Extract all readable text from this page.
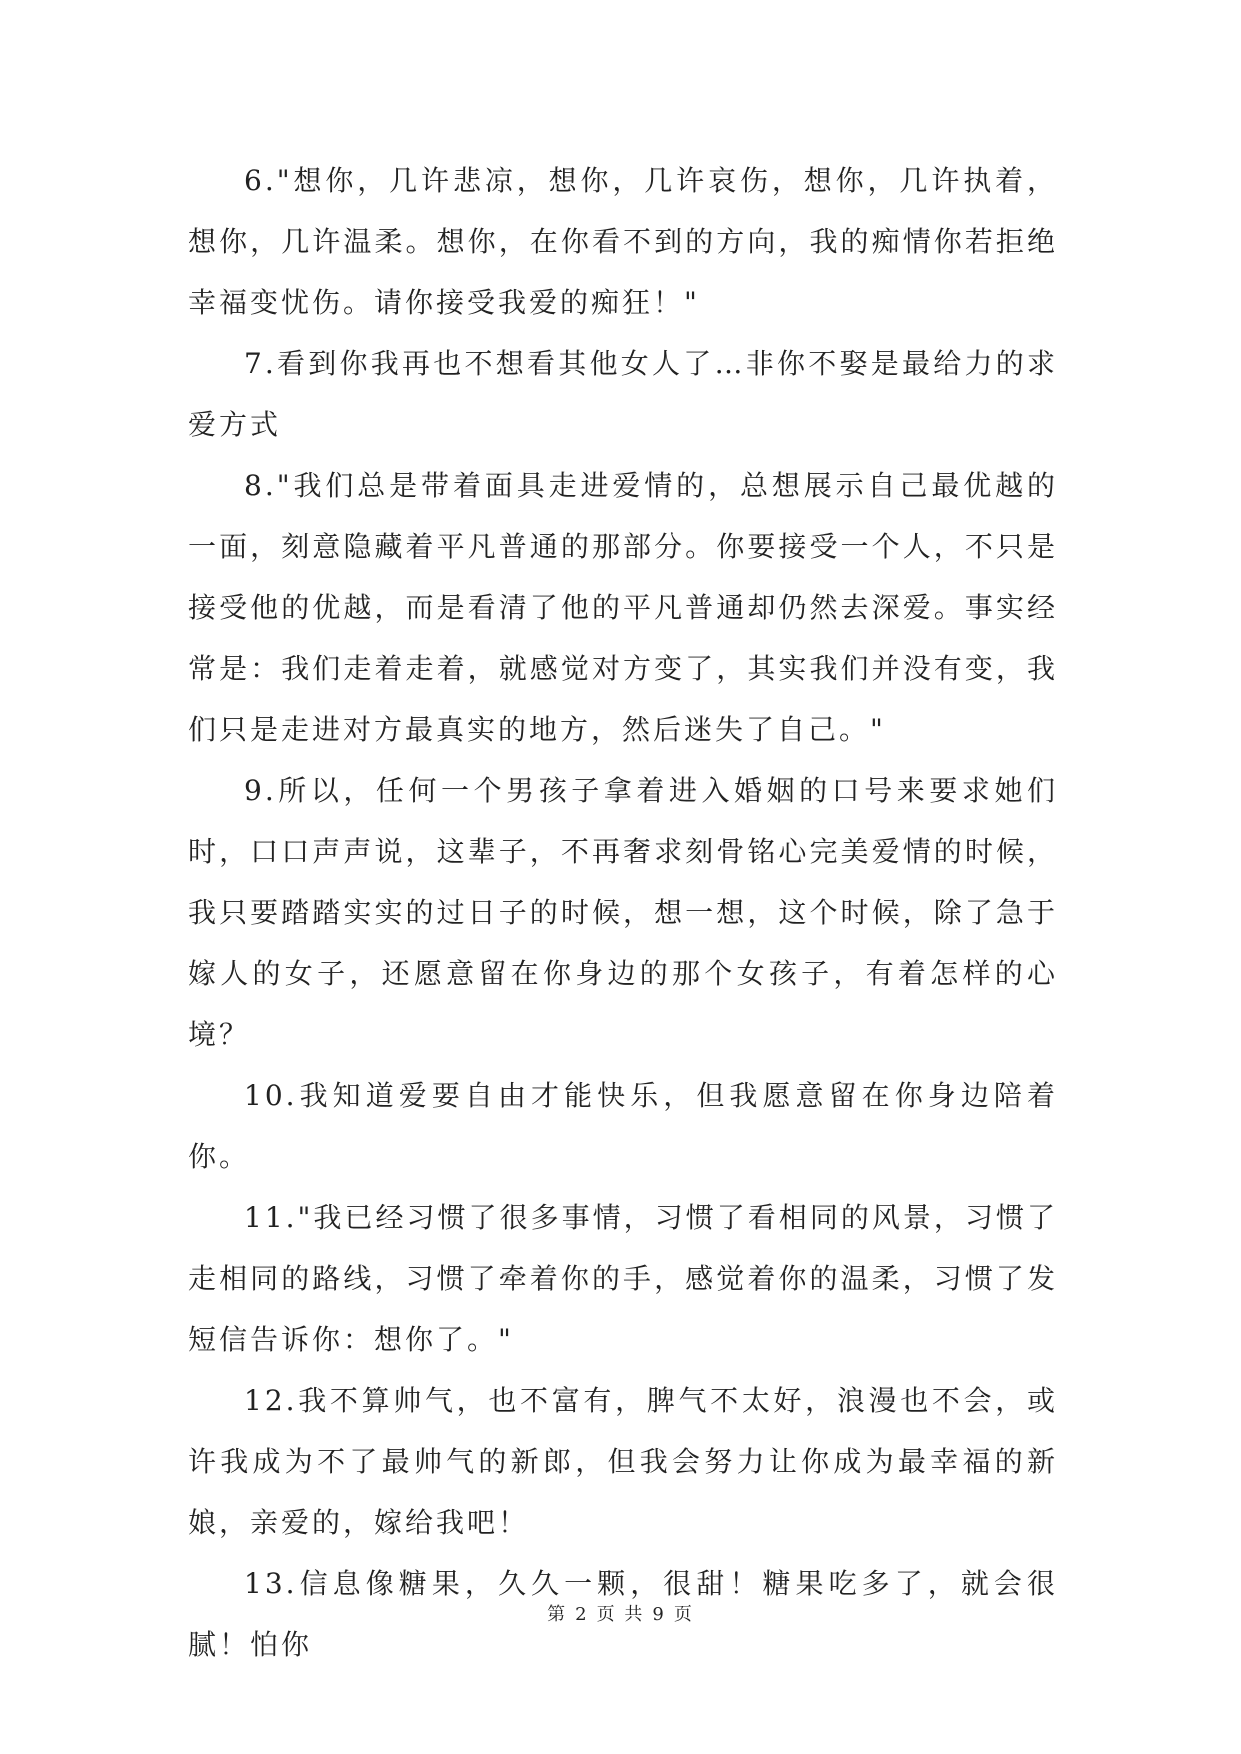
6."想你，几许悲凉，想你，几许哀伤，想你，几许执着，想你，几许温柔。想你，在你看不到的方向，我的痴情你若拒绝幸福变忧伤。请你接受我爱的痴狂！"

7.看到你我再也不想看其他女人了…非你不娶是最给力的求爱方式

8."我们总是带着面具走进爱情的，总想展示自己最优越的一面，刻意隐藏着平凡普通的那部分。你要接受一个人，不只是接受他的优越，而是看清了他的平凡普通却仍然去深爱。事实经常是：我们走着走着，就感觉对方变了，其实我们并没有变，我们只是走进对方最真实的地方，然后迷失了自己。"

9.所以，任何一个男孩子拿着进入婚姻的口号来要求她们时，口口声声说，这辈子，不再奢求刻骨铭心完美爱情的时候，我只要踏踏实实的过日子的时候，想一想，这个时候，除了急于嫁人的女子，还愿意留在你身边的那个女孩子，有着怎样的心境？

10.我知道爱要自由才能快乐，但我愿意留在你身边陪着你。

11."我已经习惯了很多事情，习惯了看相同的风景，习惯了走相同的路线，习惯了牵着你的手，感觉着你的温柔，习惯了发短信告诉你：想你了。"

12.我不算帅气，也不富有，脾气不太好，浪漫也不会，或许我成为不了最帅气的新郎，但我会努力让你成为最幸福的新娘，亲爱的，嫁给我吧！

13.信息像糖果，久久一颗，很甜！糖果吃多了，就会很腻！怕你

第 2 页 共 9 页
